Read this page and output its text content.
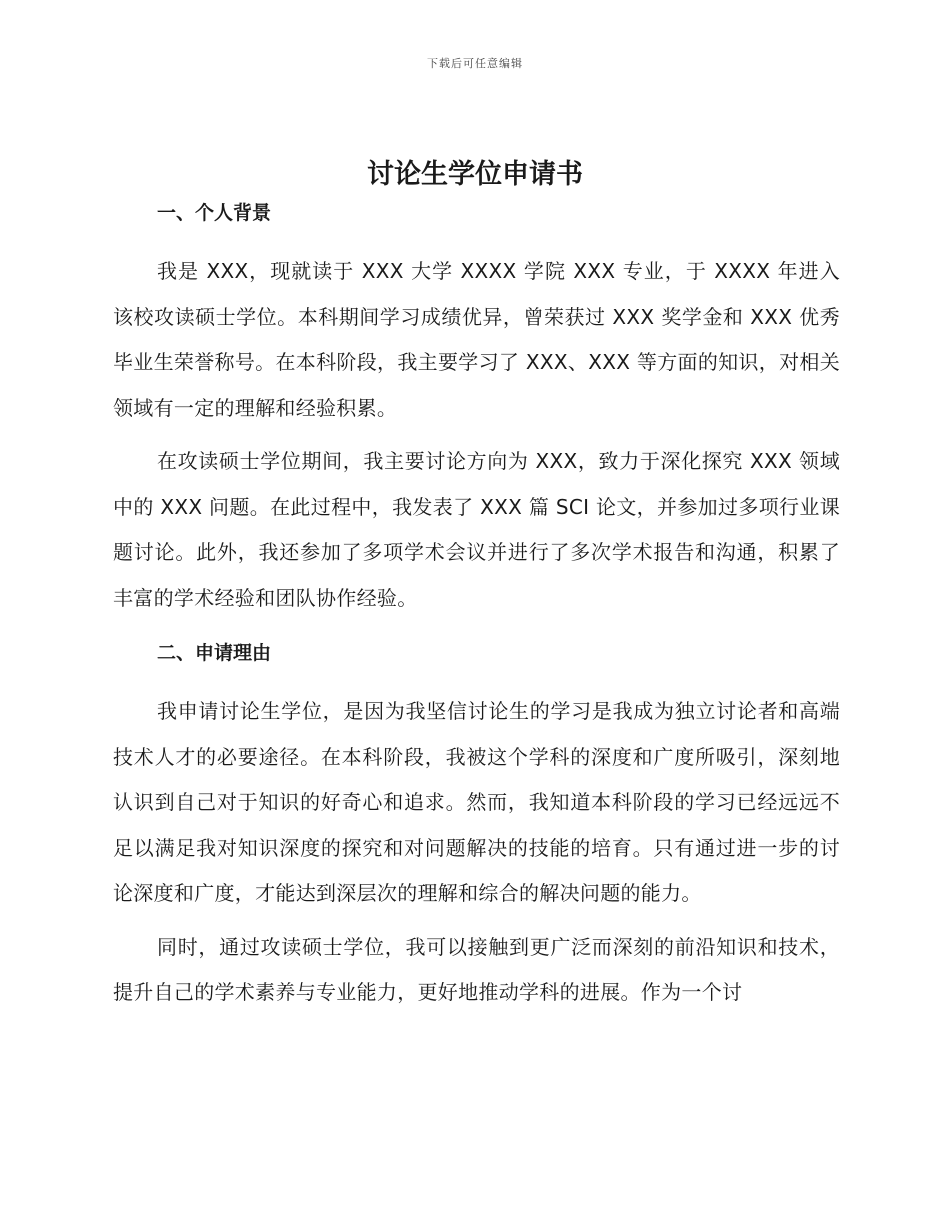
下载后可任意编辑
讨论生学位申请书
一、个人背景

我是 XXX，现就读于 XXX 大学 XXXX 学院 XXX 专业，于 XXXX 年进入该校攻读硕士学位。本科期间学习成绩优异，曾荣获过 XXX 奖学金和 XXX 优秀毕业生荣誉称号。在本科阶段，我主要学习了 XXX、XXX 等方面的知识，对相关领域有一定的理解和经验积累。

在攻读硕士学位期间，我主要讨论方向为 XXX，致力于深化探究 XXX 领域中的 XXX 问题。在此过程中，我发表了 XXX 篇 SCI 论文，并参加过多项行业课题讨论。此外，我还参加了多项学术会议并进行了多次学术报告和沟通，积累了丰富的学术经验和团队协作经验。

二、申请理由

我申请讨论生学位，是因为我坚信讨论生的学习是我成为独立讨论者和高端技术人才的必要途径。在本科阶段，我被这个学科的深度和广度所吸引，深刻地认识到自己对于知识的好奇心和追求。然而，我知道本科阶段的学习已经远远不足以满足我对知识深度的探究和对问题解决的技能的培育。只有通过进一步的讨论深度和广度，才能达到深层次的理解和综合的解决问题的能力。

同时，通过攻读硕士学位，我可以接触到更广泛而深刻的前沿知识和技术，提升自己的学术素养与专业能力，更好地推动学科的进展。作为一个讨
